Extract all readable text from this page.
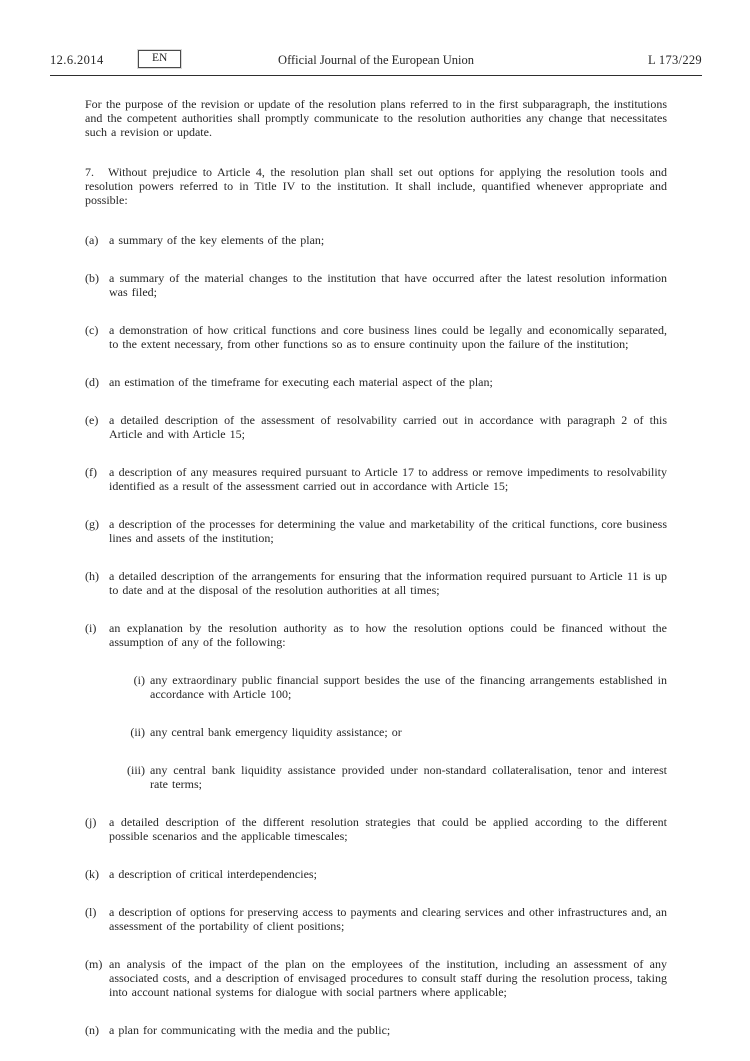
12.6.2014	Official Journal of the European Union
EN	L 173/229

For the purpose of the revision or update of the resolution plans referred to in the first subparagraph, the institutions and the competent authorities shall promptly communicate to the resolution authorities any change that necessitates such a revision or update.

7. Without prejudice to Article 4, the resolution plan shall set out options for applying the resolution tools and resolution powers referred to in Title IV to the institution. It shall include, quantified whenever appropriate and possible:

(a) a summary of the key elements of the plan;
(b) a summary of the material changes to the institution that have occurred after the latest resolution information was filed;
(c) a demonstration of how critical functions and core business lines could be legally and economically separated, to the extent necessary, from other functions so as to ensure continuity upon the failure of the institution;
(d) an estimation of the timeframe for executing each material aspect of the plan;
(e) a detailed description of the assessment of resolvability carried out in accordance with paragraph 2 of this Article and with Article 15;
(f)	a description of any measures required pursuant to Article 17 to address or remove impediments to resolvability identified as a result of the assessment carried out in accordance with Article 15;
(g) a description of the processes for determining the value and marketability of the critical functions, core business lines and assets of the institution;
(h) a detailed description of the arrangements for ensuring that the information required pursuant to Article 11 is up to date and at the disposal of the resolution authorities at all times;
(i)	an explanation by the resolution authority as to how the resolution options could be financed without the assumption of any of the following:
(i) any extraordinary public financial support besides the use of the financing arrangements established in accordance with Article 100;
(ii) any central bank emergency liquidity assistance; or
(iii) any central bank liquidity assistance provided under non-standard collateralisation, tenor and interest rate terms;
(j)	a detailed description of the different resolution strategies that could be applied according to the different possible scenarios and the applicable timescales;
(k) a description of critical interdependencies;
(l)	a description of options for preserving access to payments and clearing services and other infrastructures and, an assessment of the portability of client positions;
(m) an analysis of the impact of the plan on the employees of the institution, including an assessment of any associated costs, and a description of envisaged procedures to consult staff during the resolution process, taking into account national systems for dialogue with social partners where applicable;
(n) a plan for communicating with the media and the public;
